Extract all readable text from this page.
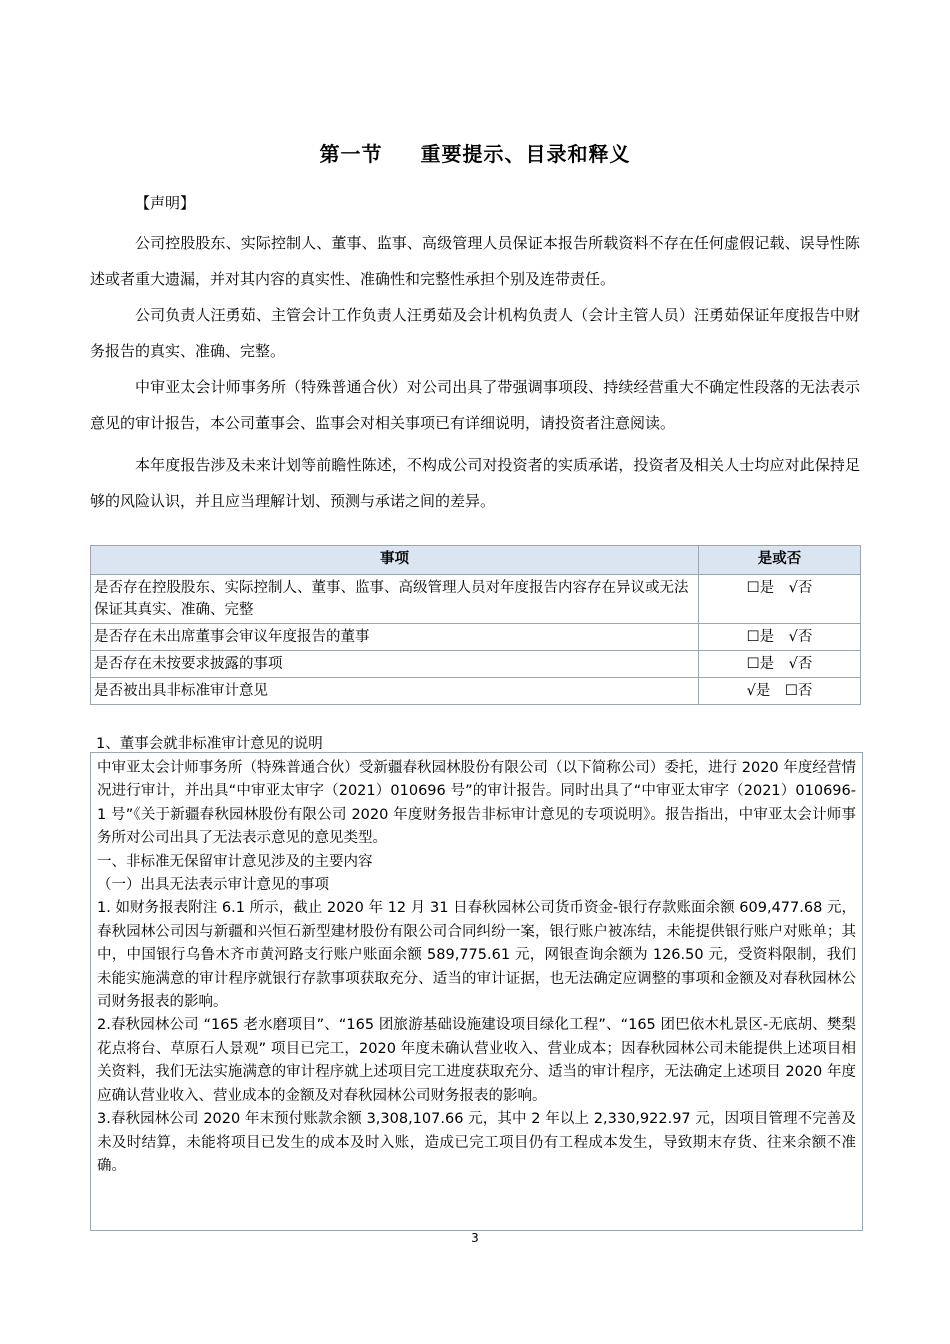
第一节 重要提示、目录和释义
【声明】

公司控股股东、实际控制人、董事、监事、高级管理人员保证本报告所载资料不存在任何虚假记载、误导性陈述或者重大遗漏，并对其内容的真实性、准确性和完整性承担个别及连带责任。

公司负责人汪勇茹、主管会计工作负责人汪勇茹及会计机构负责人（会计主管人员）汪勇茹保证年度报告中财务报告的真实、准确、完整。

中审亚太会计师事务所（特殊普通合伙）对公司出具了带强调事项段、持续经营重大不确定性段落的无法表示意见的审计报告，本公司董事会、监事会对相关事项已有详细说明，请投资者注意阅读。

本年度报告涉及未来计划等前瞻性陈述，不构成公司对投资者的实质承诺，投资者及相关人士均应对此保持足够的风险认识，并且应当理解计划、预测与承诺之间的差异。

事项	是或否
是否存在控股股东、实际控制人、董事、监事、高级管理人员对年度报告内容存在异议或无法保证其真实、准确、完整	☐是　√否
是否存在未出席董事会审议年度报告的董事	☐是　√否
是否存在未按要求披露的事项	☐是　√否
是否被出具非标准审计意见	√是　☐否
1、董事会就非标准审计意见的说明

中审亚太会计师事务所（特殊普通合伙）受新疆春秋园林股份有限公司（以下简称公司）委托，进行 2020 年度经营情况进行审计，并出具“中审亚太审字（2021）010696 号”的审计报告。同时出具了“中审亚太审字（2021）010696-1 号”《关于新疆春秋园林股份有限公司 2020 年度财务报告非标审计意见的专项说明》。报告指出，中审亚太会计师事务所对公司出具了无法表示意见的意见类型。

一、非标准无保留审计意见涉及的主要内容

（一）出具无法表示审计意见的事项

1. 如财务报表附注 6.1 所示，截止 2020 年 12 月 31 日春秋园林公司货币资金-银行存款账面余额 609,477.68 元，春秋园林公司因与新疆和兴恒石新型建材股份有限公司合同纠纷一案，银行账户被冻结，未能提供银行账户对账单；其中，中国银行乌鲁木齐市黄河路支行账户账面余额 589,775.61 元，网银查询余额为 126.50 元，受资料限制，我们未能实施满意的审计程序就银行存款事项获取充分、适当的审计证据，也无法确定应调整的事项和金额及对春秋园林公司财务报表的影响。

2.春秋园林公司 “165 老水磨项目”、“165 团旅游基础设施建设项目绿化工程”、“165 团巴依木札景区-无底胡、樊梨花点将台、草原石人景观” 项目已完工，2020 年度未确认营业收入、营业成本；因春秋园林公司未能提供上述项目相关资料，我们无法实施满意的审计程序就上述项目完工进度获取充分、适当的审计程序，无法确定上述项目 2020 年度应确认营业收入、营业成本的金额及对春秋园林公司财务报表的影响。

3.春秋园林公司 2020 年末预付账款余额 3,308,107.66 元，其中 2 年以上 2,330,922.97 元，因项目管理不完善及未及时结算，未能将项目已发生的成本及时入账，造成已完工项目仍有工程成本发生，导致期末存货、往来余额不准确。

3
